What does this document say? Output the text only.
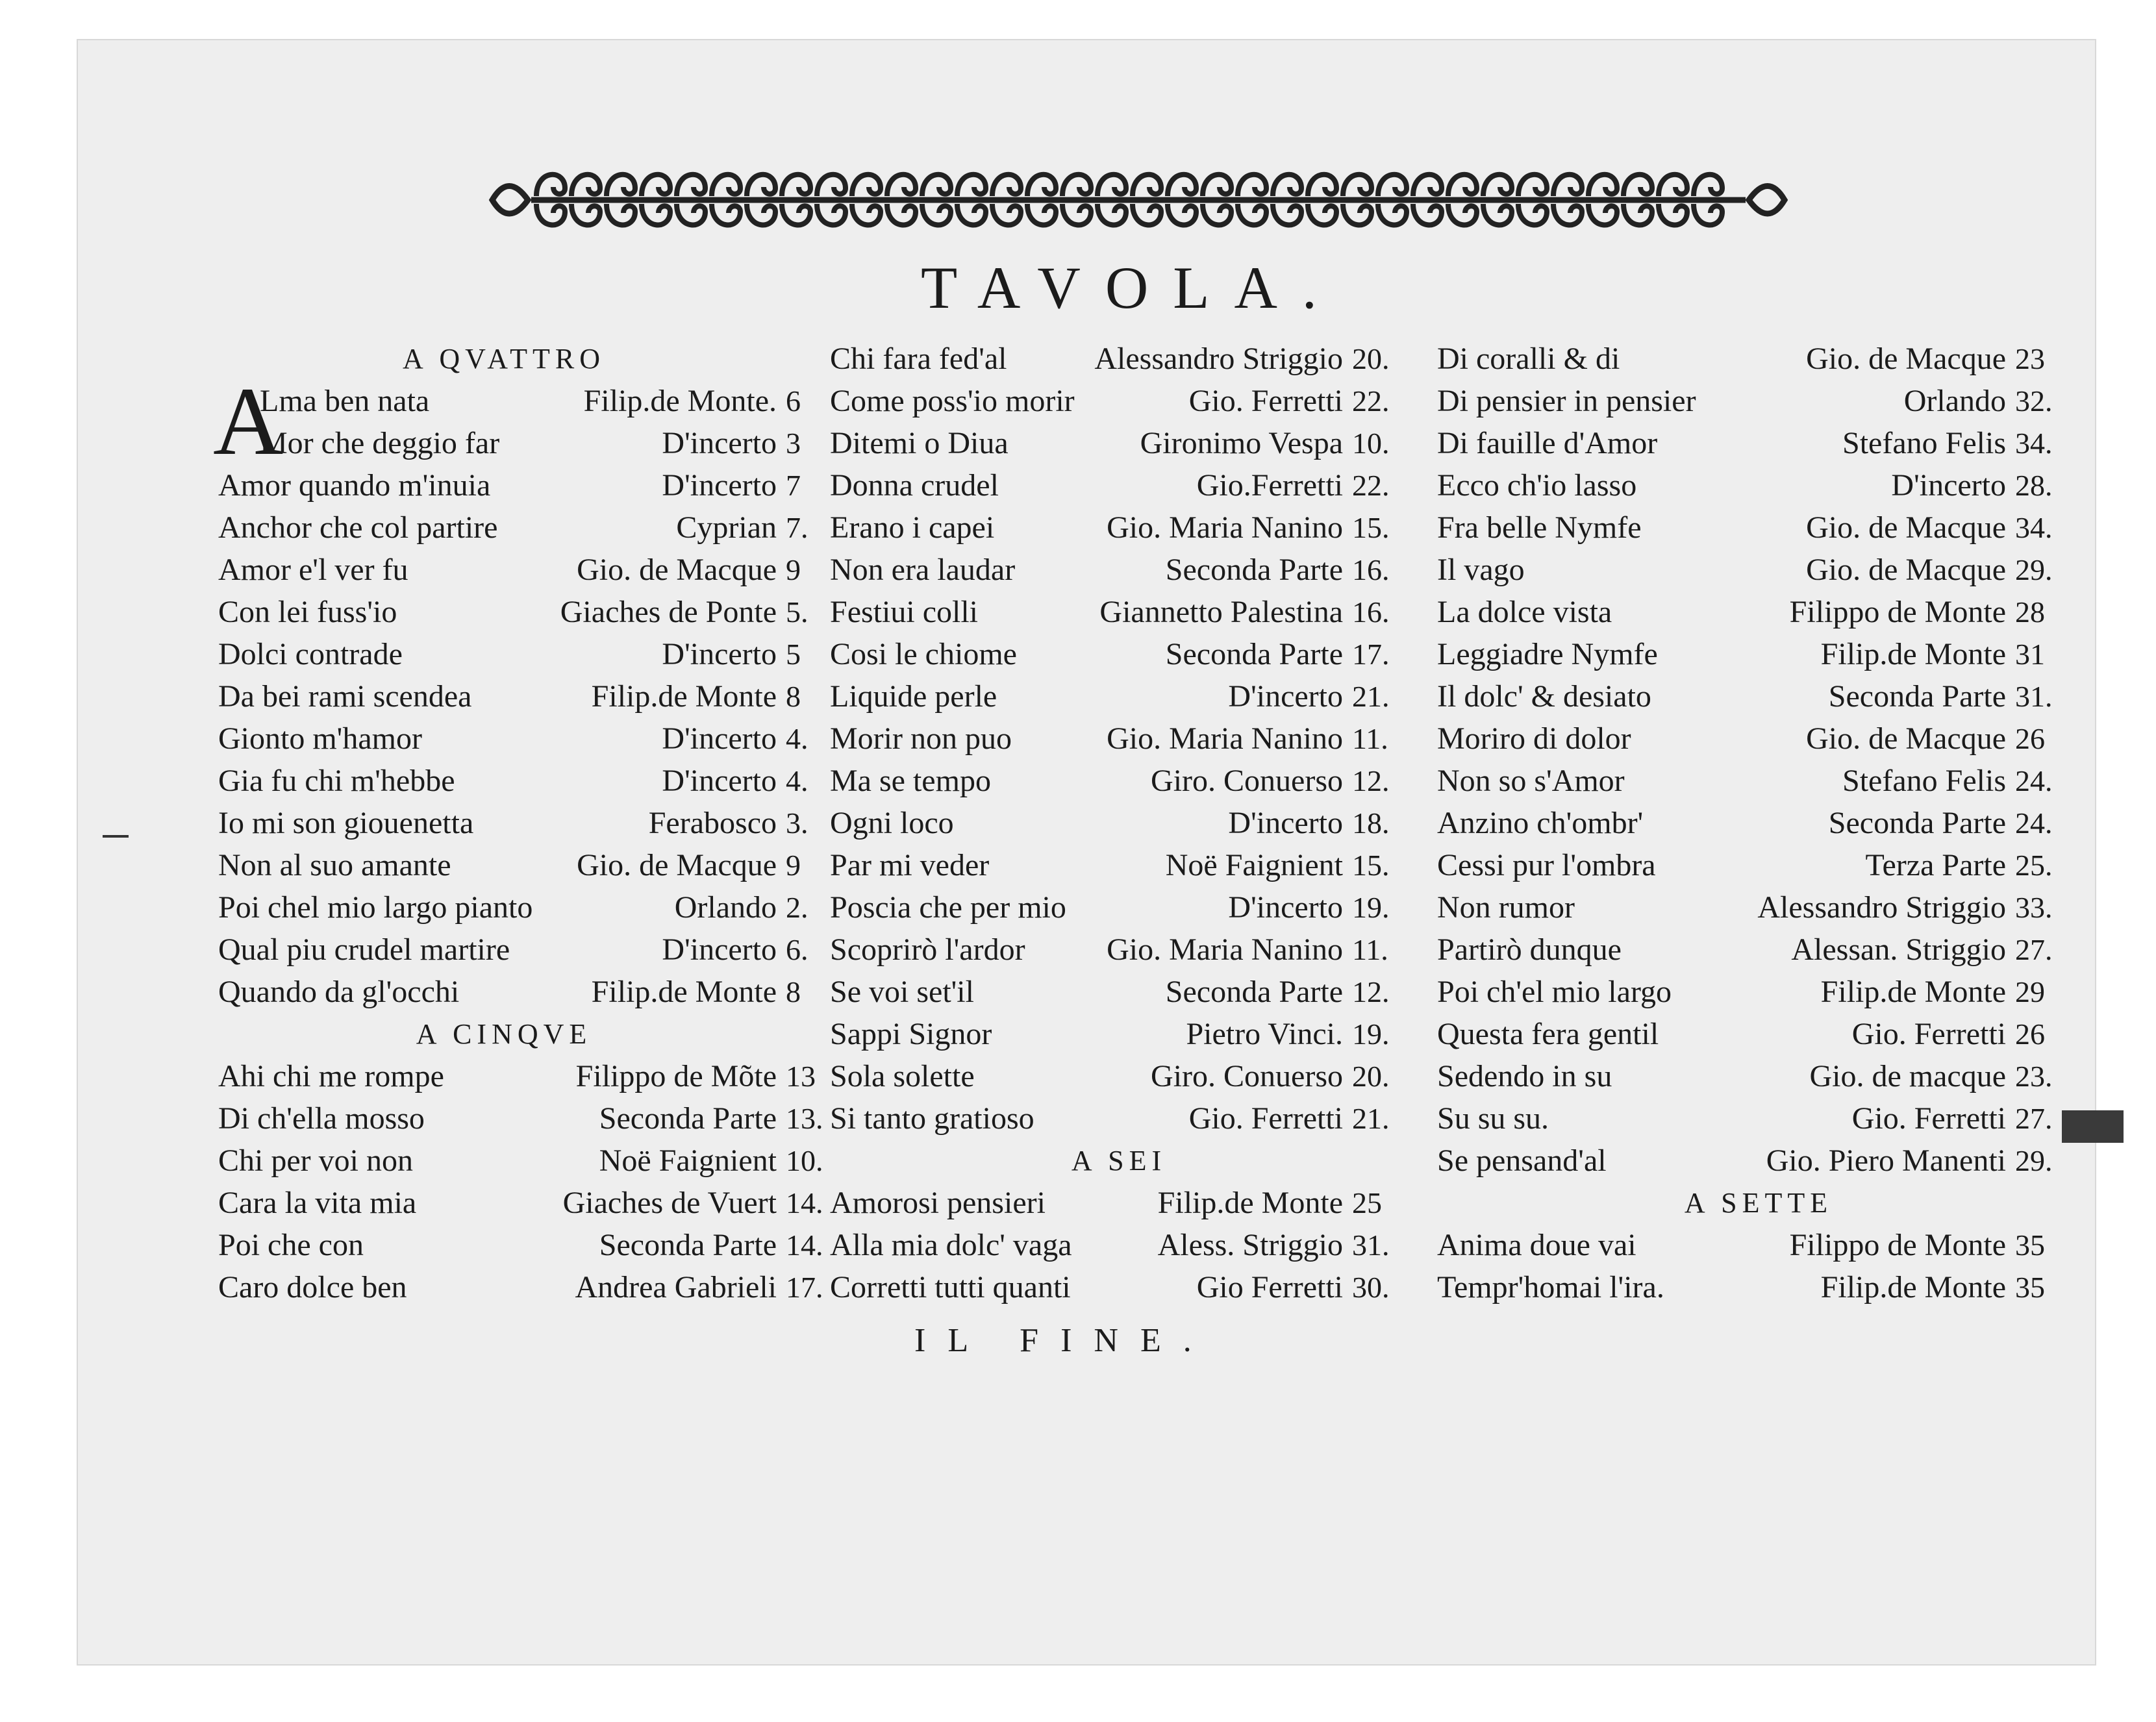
TAVOLA.
A QVATTRO
Lma ben nata	Filip.de Monte. 6
Mor che deggio far	D'incerto 3
Amor quando m'inuia	D'incerto 7
Anchor che col partire	Cyprian 7.
Amor e'l ver fu	Gio. de Macque 9
Con lei fuss'io	Giaches de Ponte 5.
Dolci contrade	D'incerto 5
Da bei rami scendea	Filip.de Monte 8
Gionto m'hamor	D'incerto 4.
Gia fu chi m'hebbe	D'incerto 4.
Io mi son giouenetta	Ferabosco 3.
Non al suo amante	Gio. de Macque 9
Poi chel mio largo pianto	Orlando 2.
Qual piu crudel martire	D'incerto 6.
Quando da gl'occhi	Filip.de Monte 8
A CINQVE
Ahi chi me rompe	Filippo de Mõte 13
Di ch'ella mosso	Seconda Parte 13.
Chi per voi non	Noë Faignient 10.
Cara la vita mia	Giaches de Vuert 14.
Poi che con	Seconda Parte 14.
Caro dolce ben	Andrea Gabrieli 17.
A
Chi fara fed'al	Alessandro Striggio 20.
Come poss'io morir	Gio. Ferretti 22.
Ditemi o Diua	Gironimo Vespa 10.
Donna crudel	Gio.Ferretti 22.
Erano i capei	Gio. Maria Nanino 15.
Non era laudar	Seconda Parte 16.
Festiui colli	Giannetto Palestina 16.
Cosi le chiome	Seconda Parte 17.
Liquide perle	D'incerto 21.
Morir non puo	Gio. Maria Nanino 11.
Ma se tempo	Giro. Conuerso 12.
Ogni loco	D'incerto 18.
Par mi veder	Noë Faignient 15.
Poscia che per mio	D'incerto 19.
Scoprirò l'ardor	Gio. Maria Nanino 11.
Se voi set'il	Seconda Parte 12.
Sappi Signor	Pietro Vinci. 19.
Sola solette	Giro. Conuerso 20.
Si tanto gratioso	Gio. Ferretti 21.
A SEI
Amorosi pensieri	Filip.de Monte 25
Alla mia dolc' vaga	Aless. Striggio 31.
Corretti tutti quanti	Gio Ferretti 30.
Di coralli & di	Gio. de Macque 23
Di pensier in pensier	Orlando 32.
Di fauille d'Amor	Stefano Felis 34.
Ecco ch'io lasso	D'incerto 28.
Fra belle Nymfe	Gio. de Macque 34.
Il vago	Gio. de Macque 29.
La dolce vista	Filippo de Monte 28
Leggiadre Nymfe	Filip.de Monte 31
Il dolc' & desiato	Seconda Parte 31.
Moriro di dolor	Gio. de Macque 26
Non so s'Amor	Stefano Felis 24.
Anzino ch'ombr'	Seconda Parte 24.
Cessi pur l'ombra	Terza Parte 25.
Non rumor	Alessandro Striggio 33.
Partirò dunque	Alessan. Striggio 27.
Poi ch'el mio largo	Filip.de Monte 29
Questa fera gentil	Gio. Ferretti 26
Sedendo in su	Gio. de macque 23.
Su su su.	Gio. Ferretti 27.
Se pensand'al	Gio. Piero Manenti 29.
A SETTE
Anima doue vai	Filippo de Monte 35
Tempr'homai l'ira.	Filip.de Monte 35
IL FINE.
